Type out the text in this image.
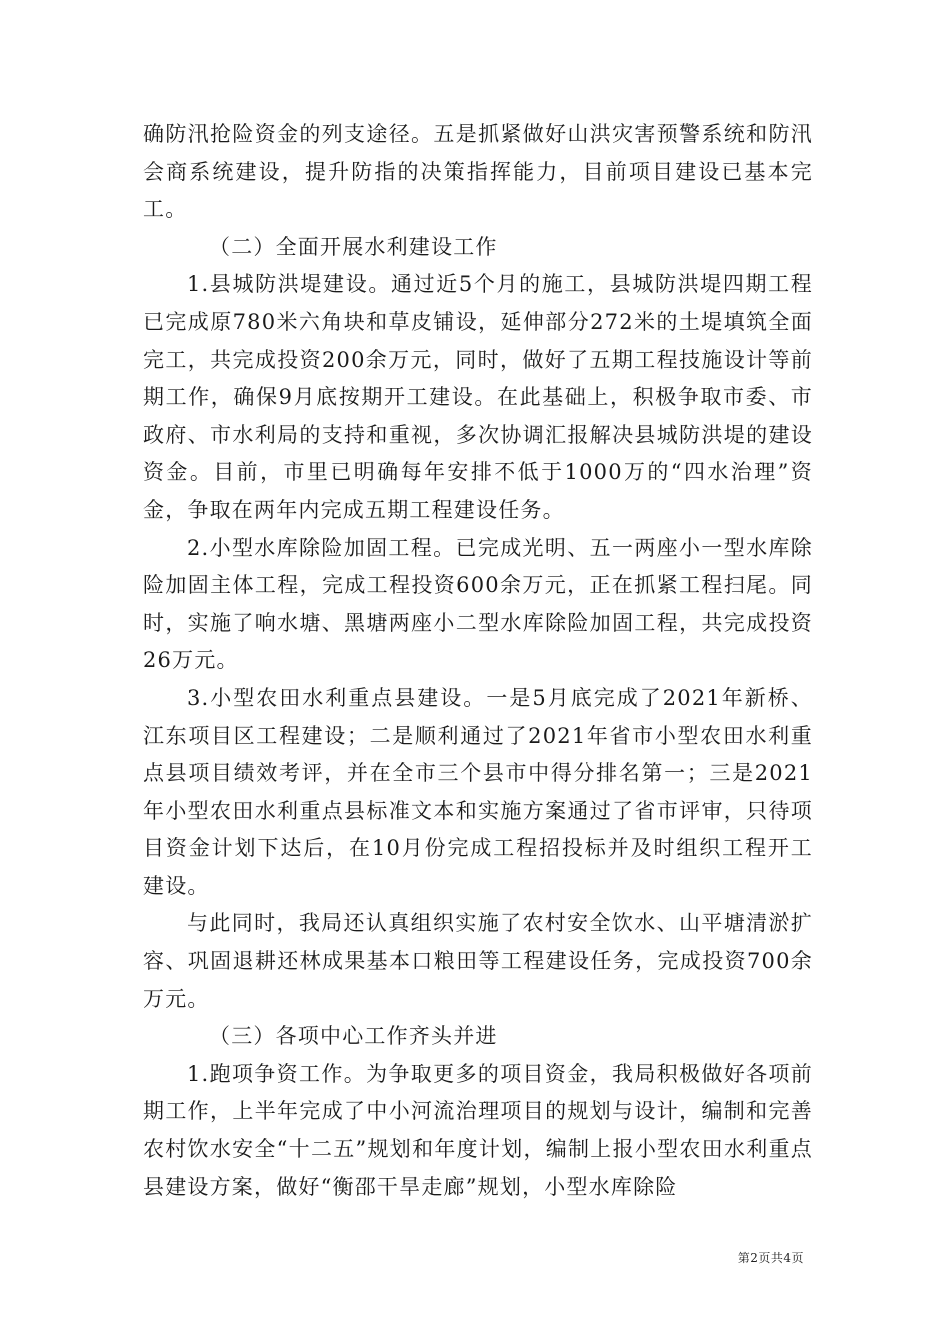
确防汛抢险资金的列支途径。五是抓紧做好山洪灾害预警系统和防汛会商系统建设，提升防指的决策指挥能力，目前项目建设已基本完工。

（二）全面开展水利建设工作

1.县城防洪堤建设。通过近5个月的施工，县城防洪堤四期工程已完成原780米六角块和草皮铺设，延伸部分272米的土堤填筑全面完工，共完成投资200余万元，同时，做好了五期工程技施设计等前期工作，确保9月底按期开工建设。在此基础上，积极争取市委、市政府、市水利局的支持和重视，多次协调汇报解决县城防洪堤的建设资金。目前，市里已明确每年安排不低于1000万的“四水治理”资金，争取在两年内完成五期工程建设任务。

2.小型水库除险加固工程。已完成光明、五一两座小一型水库除险加固主体工程，完成工程投资600余万元，正在抓紧工程扫尾。同时，实施了响水塘、黑塘两座小二型水库除险加固工程，共完成投资26万元。

3.小型农田水利重点县建设。一是5月底完成了2021年新桥、江东项目区工程建设；二是顺利通过了2021年省市小型农田水利重点县项目绩效考评，并在全市三个县市中得分排名第一；三是2021年小型农田水利重点县标准文本和实施方案通过了省市评审，只待项目资金计划下达后，在10月份完成工程招投标并及时组织工程开工建设。

与此同时，我局还认真组织实施了农村安全饮水、山平塘清淤扩容、巩固退耕还林成果基本口粮田等工程建设任务，完成投资700余万元。

（三）各项中心工作齐头并进

1.跑项争资工作。为争取更多的项目资金，我局积极做好各项前期工作，上半年完成了中小河流治理项目的规划与设计，编制和完善农村饮水安全“十二五”规划和年度计划，编制上报小型农田水利重点县建设方案，做好“衡邵干旱走廊”规划，小型水库除险

第2页共4页
